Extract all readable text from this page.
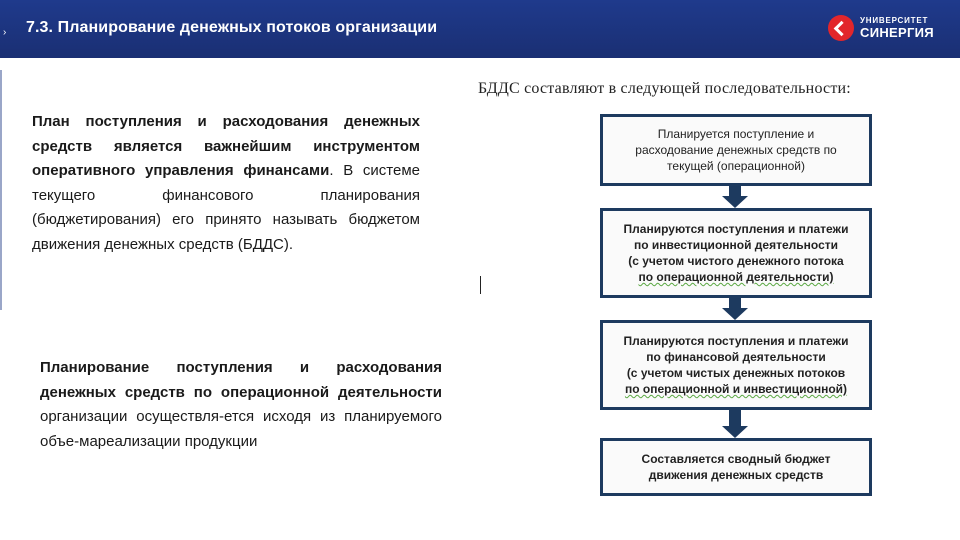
› 7.3. Планирование денежных потоков организации	УНИВЕРСИТЕТ
СИНЕРГИЯ
План поступления и расходования денежных средств является важнейшим инструментом оперативного управления финансами. В системе текущего финансового планирования (бюджетирования) его принято называть бюджетом движения денежных средств (БДДС).
Планирование поступления и расходования денежных средств по операционной деятельности организации осуществля-ется исходя из планируемого объе-мареализации продукции
БДДС составляют в следующей последовательности:
Планируется поступление и
расходование денежных средств по
текущей (операционной)
Планируются поступления и платежи
по инвестиционной деятельности
(с учетом чистого денежного потока
по операционной деятельности)
Планируются поступления и платежи
по финансовой деятельности
(с учетом чистых денежных потоков
по операционной и инвестиционной)
Составляется сводный бюджет
движения денежных средств
